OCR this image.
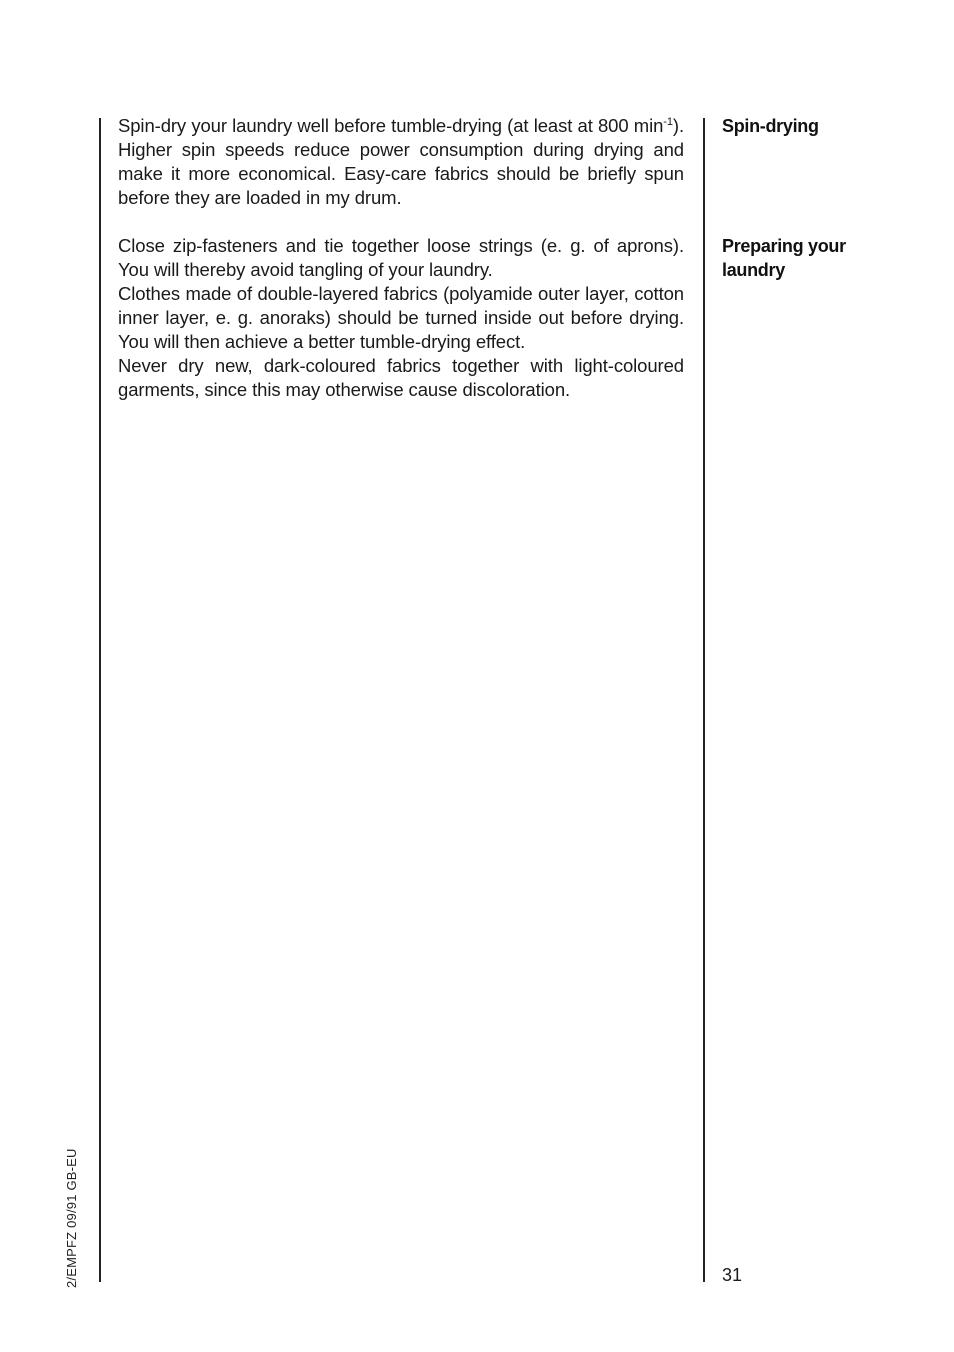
Spin-dry your laundry well before tumble-drying (at least at 800 $\min^{-1}$). Higher spin speeds reduce power consumption during drying and make it more economical. Easy-care fabrics should be briefly spun before they are loaded in my drum.

Close zip-fasteners and tie together loose strings (e. g. of aprons). You will thereby avoid tangling of your laundry.

Clothes made of double-layered fabrics (polyamide outer layer, cotton inner layer, e. g. anoraks) should be turned inside out before drying. You will then achieve a better tumble-drying effect.

Never dry new, dark-coloured fabrics together with light-coloured garments, since this may otherwise cause discoloration.

Spin-drying
Preparing your laundry
31
2/EMPFZ 09/91 GB-EU
